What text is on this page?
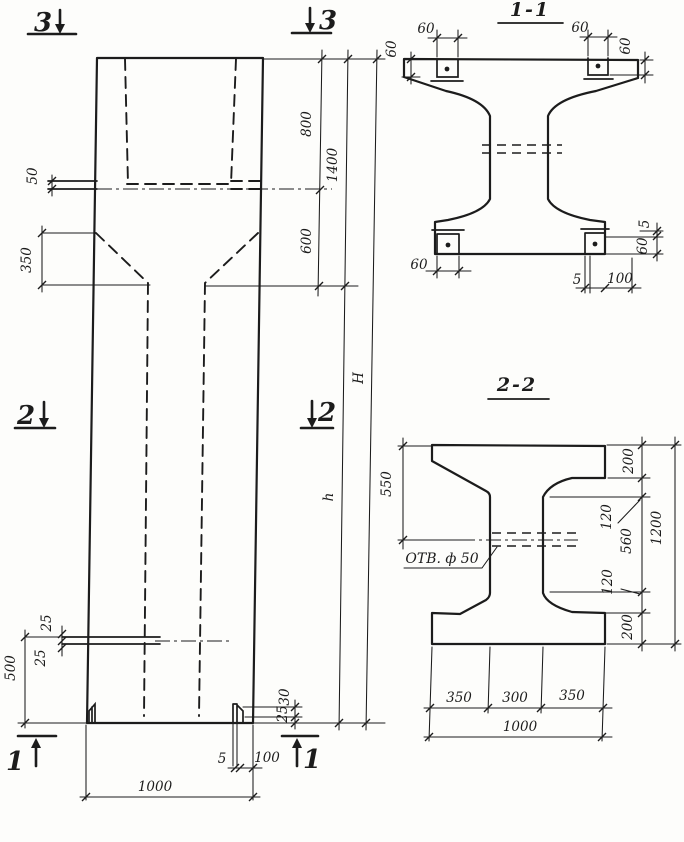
50
350
800
1400
600
H
h
25
25
500
30
25
5 100
1000
3	3
2	2
1	1
1-1
60
60
60
60
60
5 100
5
60
2-2
550
ОТВ. ф 50
200
120
560
120
200
1200
350 300 350
1000
